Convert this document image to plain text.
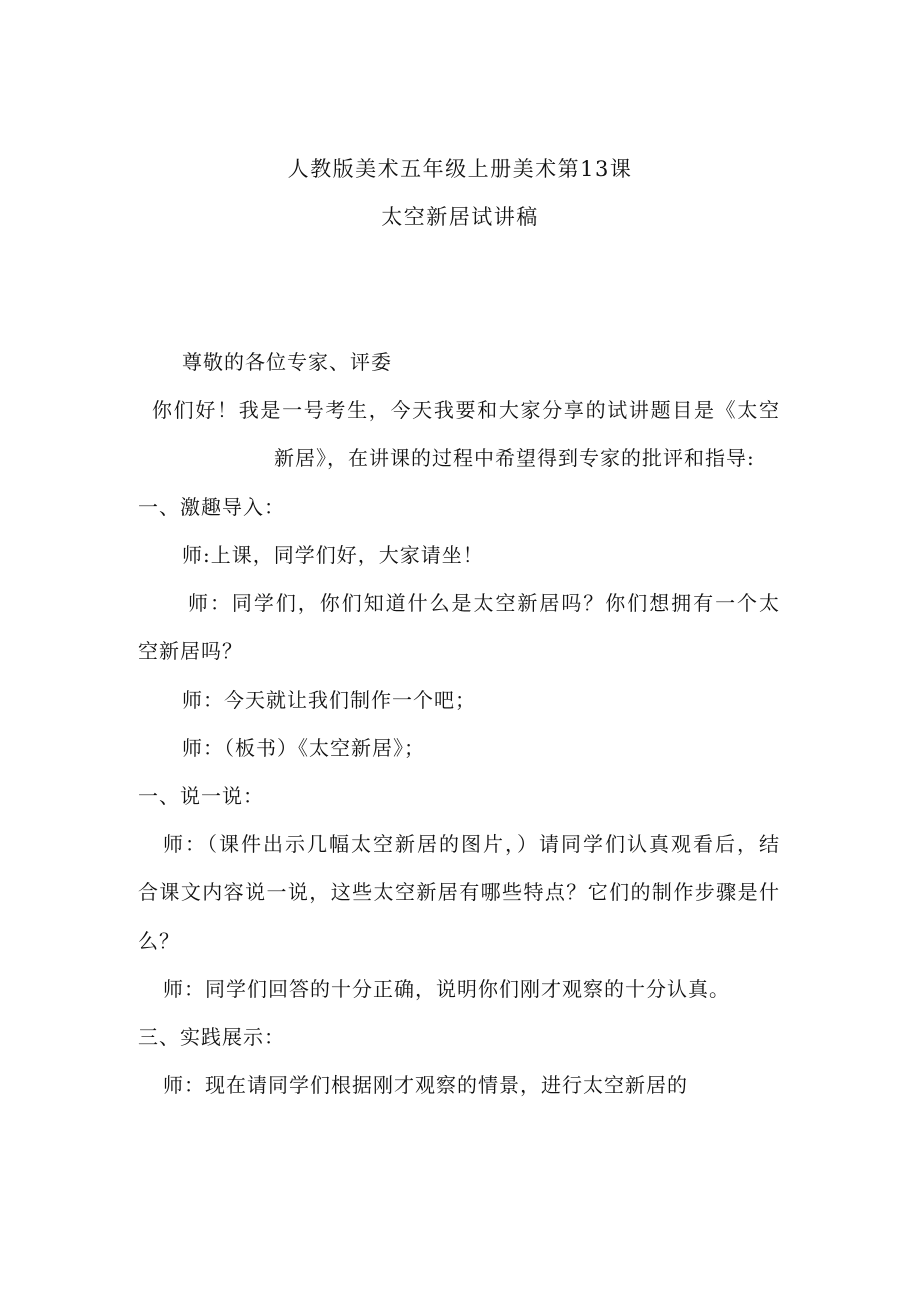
人教版美术五年级上册美术第13课
太空新居试讲稿
尊敬的各位专家、评委
你们好！我是一号考生，今天我要和大家分享的试讲题目是《太空
新居》，在讲课的过程中希望得到专家的批评和指导:
一、激趣导入：
师:上课，同学们好，大家请坐！
师：同学们，你们知道什么是太空新居吗？你们想拥有一个太
空新居吗？
师：今天就让我们制作一个吧；
师：（板书）《太空新居》；
一、说一说：
师：（课件出示几幅太空新居的图片，）请同学们认真观看后，结
合课文内容说一说，这些太空新居有哪些特点？它们的制作步骤是什
么？
师：同学们回答的十分正确，说明你们刚才观察的十分认真。
三、实践展示：
师：现在请同学们根据刚才观察的情景，进行太空新居的
